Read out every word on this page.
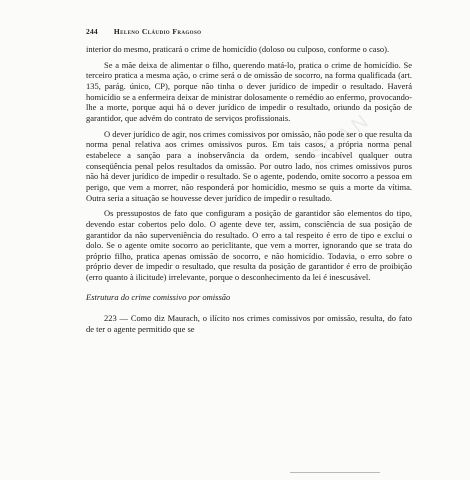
244 Heleno Cláudio Fragoso

interior do mesmo, praticará o crime de homicídio (doloso ou culposo, conforme o caso).

Se a mãe deixa de alimentar o filho, querendo matá-lo, pratica o crime de homicídio. Se terceiro pratica a mesma ação, o crime será o de omissão de socorro, na forma qualificada (art. 135, parág. único, CP), porque não tinha o dever jurídico de impedir o resultado. Haverá homicídio se a enfermeira deixar de ministrar dolosamente o remédio ao enfermo, provocando-lhe a morte, porque aqui há o dever jurídico de impedir o resultado, oriundo da posição de garantidor, que advém do contrato de serviços profissionais.

O dever jurídico de agir, nos crimes comissivos por omissão, não pode ser o que resulta da norma penal relativa aos crimes omissivos puros. Em tais casos, a própria norma penal estabelece a sanção para a inobservância da ordem, sendo incabível qualquer outra conseqüência penal pelos resultados da omissão. Por outro lado, nos crimes omissivos puros não há dever jurídico de impedir o resultado. Se o agente, podendo, omite socorro a pessoa em perigo, que vem a morrer, não responderá por homicídio, mesmo se quis a morte da vítima. Outra seria a situação se houvesse dever jurídico de impedir o resultado.

Os pressupostos de fato que configuram a posição de garantidor são elementos do tipo, devendo estar cobertos pelo dolo. O agente deve ter, assim, consciência de sua posição de garantidor da não superveniência do resultado. O erro a tal respeito é erro de tipo e exclui o dolo. Se o agente omite socorro ao periclitante, que vem a morrer, ignorando que se trata do próprio filho, pratica apenas omissão de socorro, e não homicídio. Todavia, o erro sobre o próprio dever de impedir o resultado, que resulta da posição de garantidor é erro de proibição (erro quanto à ilicitude) irrelevante, porque o desconhecimento da lei é inescusável.

Estrutura do crime comissivo por omissão

223 — Como diz Maurach, o ilícito nos crimes comissivos por omissão, resulta, do fato de ter o agente permitido que se

SCAN
